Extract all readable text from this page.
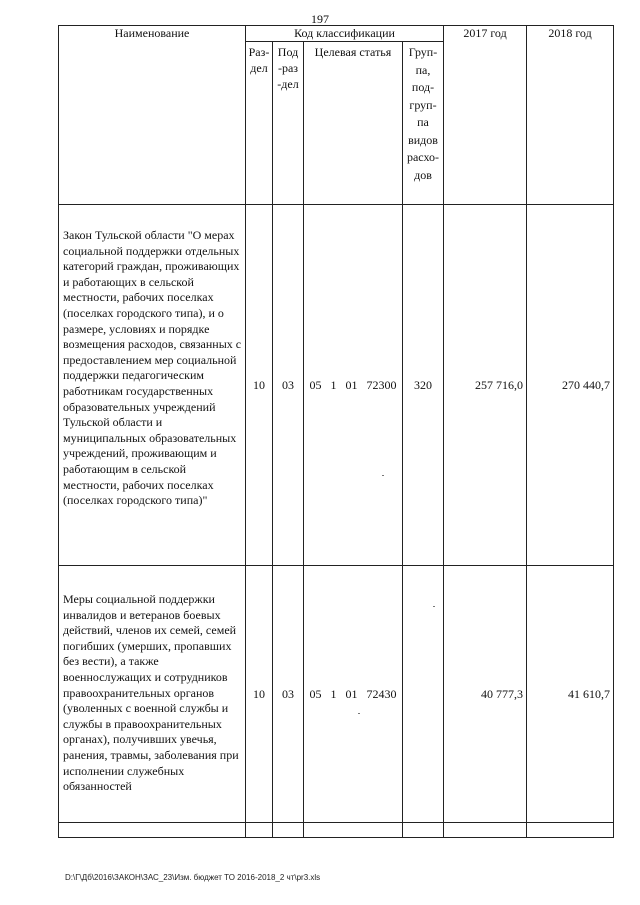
197
Наименование	Код классификации				2017 год	2018 год

	Раз-дел	Под-раз-дел	Целевая статья	Груп-па, под-груп-па видов расхо-дов		

Закон Тульской области "О мерах социальной поддержки отдельных категорий граждан, проживающих и работающих в сельской местности, рабочих поселках (поселках городского типа), и о размере, условиях и порядке возмещения расходов, связанных с предоставлением мер социальной поддержки педагогическим работникам государственных образовательных учреждений Тульской области и муниципальных образовательных учреждений, проживающим и работающим в сельской местности, рабочих поселках (поселках городского типа)"	10	03	05 1 01 72300	320	257 716,0	270 440,7
Меры социальной поддержки инвалидов и ветеранов боевых действий, членов их семей, семей погибших (умерших, пропавших без вести), а также военнослужащих и сотрудников правоохранительных органов (уволенных с военной службы и службы в правоохранительных органах), получивших увечья, ранения, травмы, заболевания при исполнении служебных обязанностей	10	03	05 1 01 72430		40 777,3	41 610,7

D:\Г\Дб\2016\ЗАКОН\ЗАС_23\Изм. бюджет ТО 2016-2018_2 чт\pr3.xls
